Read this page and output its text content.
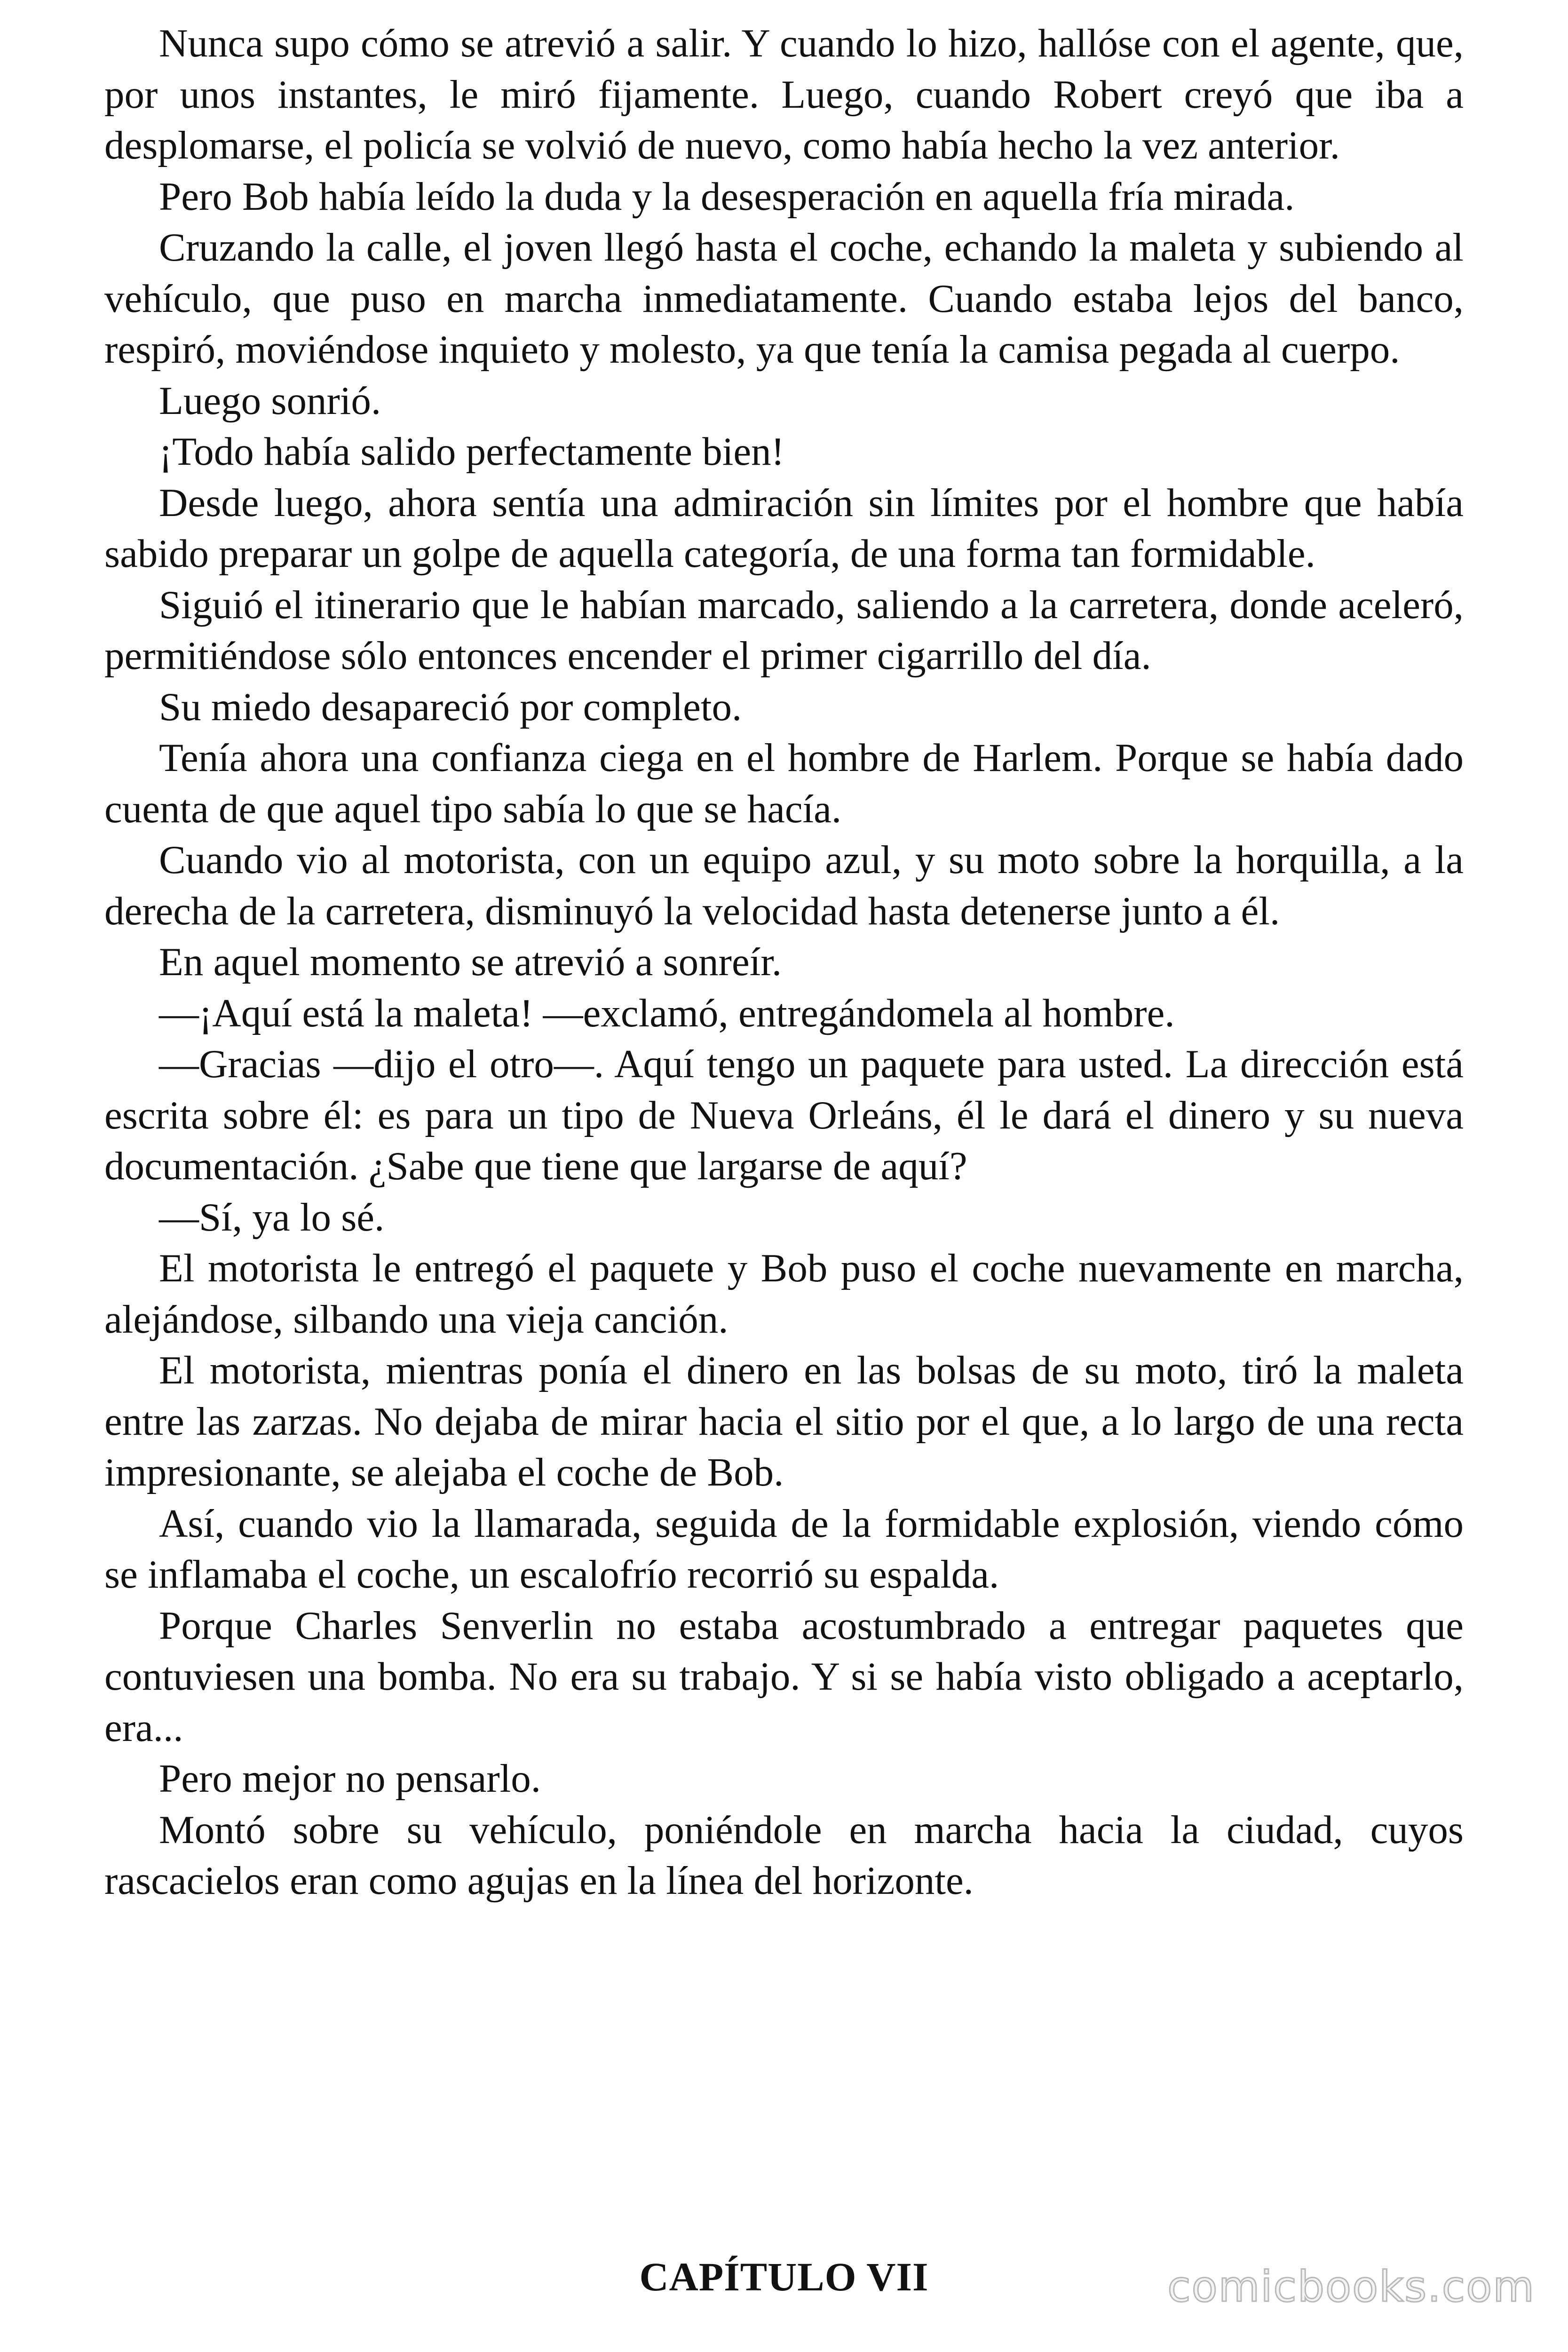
Nunca supo cómo se atrevió a salir. Y cuando lo hizo, hallóse con el agente, que, por unos instantes, le miró fijamente. Luego, cuando Robert creyó que iba a desplomarse, el policía se volvió de nuevo, como había hecho la vez anterior.

Pero Bob había leído la duda y la desesperación en aquella fría mirada.

Cruzando la calle, el joven llegó hasta el coche, echando la maleta y subiendo al vehículo, que puso en marcha inmediatamente. Cuando estaba lejos del banco, respiró, moviéndose inquieto y molesto, ya que tenía la camisa pegada al cuerpo.

Luego sonrió.

¡Todo había salido perfectamente bien!

Desde luego, ahora sentía una admiración sin límites por el hombre que había sabido preparar un golpe de aquella categoría, de una forma tan formidable.

Siguió el itinerario que le habían marcado, saliendo a la carretera, donde aceleró, permitiéndose sólo entonces encender el primer cigarrillo del día.

Su miedo desapareció por completo.

Tenía ahora una confianza ciega en el hombre de Harlem. Porque se había dado cuenta de que aquel tipo sabía lo que se hacía.

Cuando vio al motorista, con un equipo azul, y su moto sobre la horquilla, a la derecha de la carretera, disminuyó la velocidad hasta detenerse junto a él.

En aquel momento se atrevió a sonreír.

—¡Aquí está la maleta! —exclamó, entregándomela al hombre.

—Gracias —dijo el otro—. Aquí tengo un paquete para usted. La dirección está escrita sobre él: es para un tipo de Nueva Orleáns, él le dará el dinero y su nueva documentación. ¿Sabe que tiene que largarse de aquí?

—Sí, ya lo sé.

El motorista le entregó el paquete y Bob puso el coche nuevamente en marcha, alejándose, silbando una vieja canción.

El motorista, mientras ponía el dinero en las bolsas de su moto, tiró la maleta entre las zarzas. No dejaba de mirar hacia el sitio por el que, a lo largo de una recta impresionante, se alejaba el coche de Bob.

Así, cuando vio la llamarada, seguida de la formidable explosión, viendo cómo se inflamaba el coche, un escalofrío recorrió su espalda.

Porque Charles Senverlin no estaba acostumbrado a entregar paquetes que contuviesen una bomba. No era su trabajo. Y si se había visto obligado a aceptarlo, era...

Pero mejor no pensarlo.

Montó sobre su vehículo, poniéndole en marcha hacia la ciudad, cuyos rascacielos eran como agujas en la línea del horizonte.

CAPÍTULO VII	comicbooks.com
